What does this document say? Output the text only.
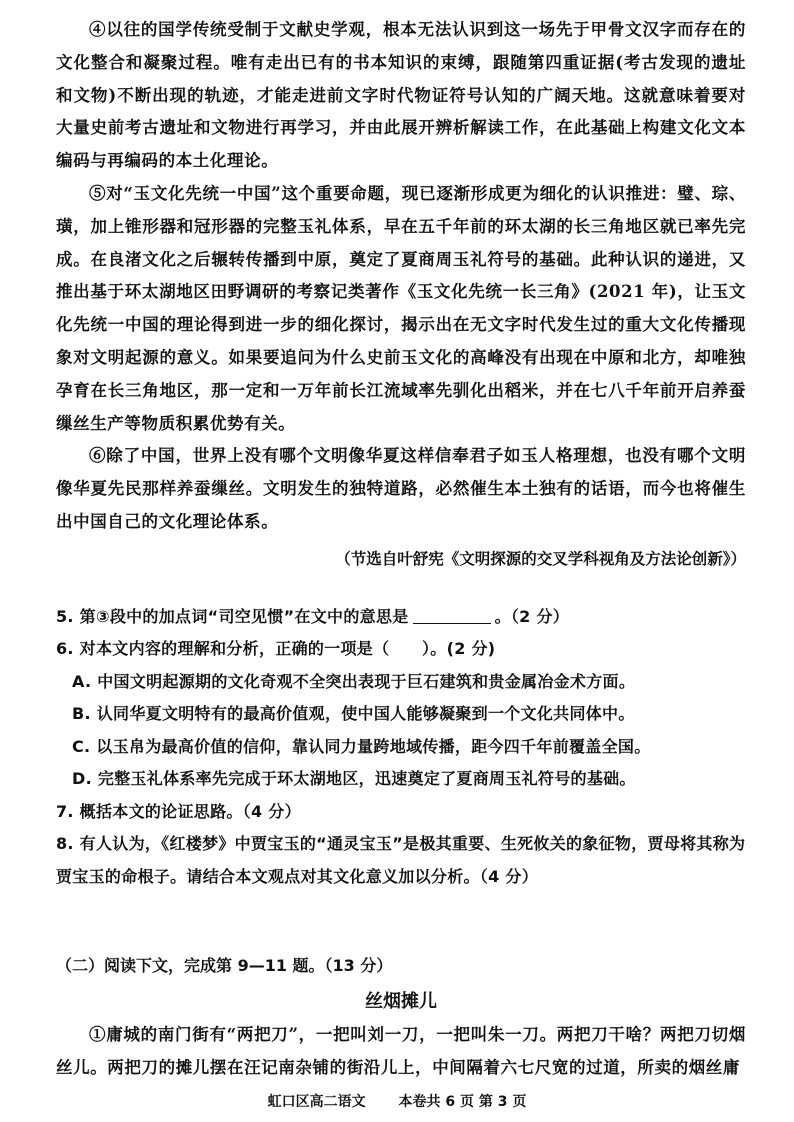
④以往的国学传统受制于文献史学观，根本无法认识到这一场先于甲骨文汉字而存在的文化整合和凝聚过程。唯有走出已有的书本知识的束缚，跟随第四重证据(考古发现的遗址和文物)不断出现的轨迹，才能走进前文字时代物证符号认知的广阔天地。这就意味着要对大量史前考古遗址和文物进行再学习，并由此展开辨析解读工作，在此基础上构建文化文本编码与再编码的本土化理论。

⑤对“玉文化先统一中国”这个重要命题，现已逐渐形成更为细化的认识推进：璧、琮、璜，加上锥形器和冠形器的完整玉礼体系，早在五千年前的环太湖的长三角地区就已率先完成。在良渚文化之后辗转传播到中原，奠定了夏商周玉礼符号的基础。此种认识的递进，又推出基于环太湖地区田野调研的考察记类著作《玉文化先统一长三角》(2021 年)，让玉文化先统一中国的理论得到进一步的细化探讨，揭示出在无文字时代发生过的重大文化传播现象对文明起源的意义。如果要追问为什么史前玉文化的高峰没有出现在中原和北方，却唯独孕育在长三角地区，那一定和一万年前长江流域率先驯化出稻米，并在七八千年前开启养蚕缫丝生产等物质积累优势有关。

⑥除了中国，世界上没有哪个文明像华夏这样信奉君子如玉人格理想，也没有哪个文明像华夏先民那样养蚕缫丝。文明发生的独特道路，必然催生本土独有的话语，而今也将催生出中国自己的文化理论体系。

（节选自叶舒宪《文明探源的交叉学科视角及方法论创新》）

5. 第③段中的加点词“司空见惯”在文中的意思是	。（2 分）

6. 对本文内容的理解和分析，正确的一项是（　　）。(2 分)

A. 中国文明起源期的文化奇观不全突出表现于巨石建筑和贵金属冶金术方面。

B. 认同华夏文明特有的最高价值观，使中国人能够凝聚到一个文化共同体中。

C. 以玉帛为最高价值的信仰，靠认同力量跨地域传播，距今四千年前覆盖全国。

D. 完整玉礼体系率先完成于环太湖地区，迅速奠定了夏商周玉礼符号的基础。

7. 概括本文的论证思路。（4 分）

8. 有人认为，《红楼梦》中贾宝玉的“通灵宝玉”是极其重要、生死攸关的象征物，贾母将其称为贾宝玉的命根子。请结合本文观点对其文化意义加以分析。（4 分）

（二）阅读下文，完成第 9—11 题。（13 分）

丝烟摊儿

①庸城的南门街有“两把刀”，一把叫刘一刀，一把叫朱一刀。两把刀干啥？两把刀切烟丝儿。两把刀的摊儿摆在汪记南杂铺的街沿儿上，中间隔着六七尺宽的过道，所卖的烟丝庸

虹口区高二语文 本卷共 6 页 第 3 页
